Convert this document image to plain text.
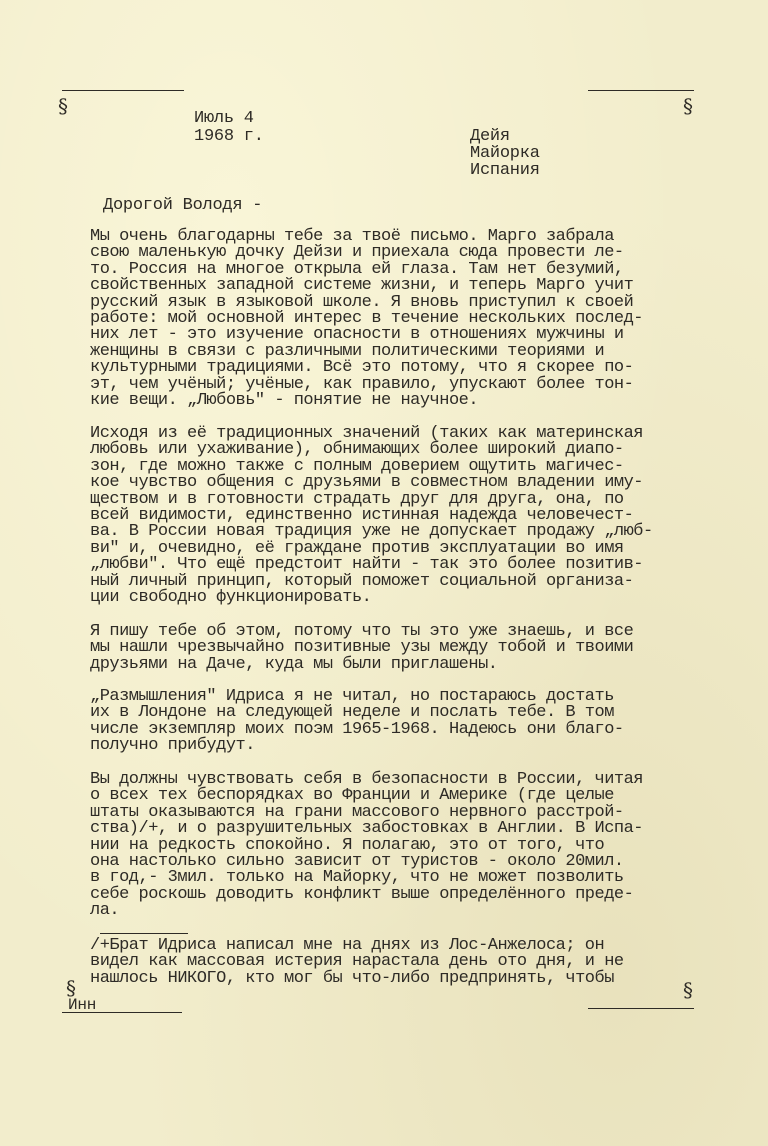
§	§
Июль 4
1968 г.	Дейя
Майорка
Испания
Дорогой Володя -
Мы очень благодарны тебе за твоё письмо. Марго забрала
свою маленькую дочку Дейзи и приехала сюда провести ле-
то. Россия на многое открыла ей глаза. Там нет безумий,
свойственных западной системе жизни, и теперь Марго учит
русский язык в языковой школе. Я вновь приступил к своей
работе: мой основной интерес в течение нескольких послед-
них лет - это изучение опасности в отношениях мужчины и
женщины в связи с различными политическими теориями и
культурными традициями. Всё это потому, что я скорее по-
эт, чем учёный; учёные, как правило, упускают более тон-
кие вещи. „Любовь" - понятие не научное.
Исходя из её традиционных значений (таких как материнская
любовь или ухаживание), обнимающих более широкий диапо-
зон, где можно также с полным доверием ощутить магичес-
кое чувство общения с друзьями в совместном владении иму-
ществом и в готовности страдать друг для друга, она, по
всей видимости, единственно истинная надежда человечест-
ва. В России новая традиция уже не допускает продажу „люб-
ви" и, очевидно, её граждане против эксплуатации во имя
„любви". Что ещё предстоит найти - так это более позитив-
ный личный принцип, который поможет социальной организа-
ции свободно функционировать.
Я пишу тебе об этом, потому что ты это уже знаешь, и все
мы нашли чрезвычайно позитивные узы между тобой и твоими
друзьями на Даче, куда мы были приглашены.
„Размышления" Идриса я не читал, но постараюсь достать
их в Лондоне на следующей неделе и послать тебе. В том
числе экземпляр моих поэм 1965-1968. Надеюсь они благо-
получно прибудут.
Вы должны чувствовать себя в безопасности в России, читая
о всех тех беспорядках во Франции и Америке (где целые
штаты оказываются на грани массового нервного расстрой-
ства)/+, и о разрушительных забостовках в Англии. В Испа-
нии на редкость спокойно. Я полагаю, это от того, что
она настолько сильно зависит от туристов - около 20мил.
в год,- 3мил. только на Майорку, что не может позволить
себе роскошь доводить конфликт выше определённого преде-
ла.
/+Брат Идриса написал мне на днях из Лос-Анжелоса; он
видел как массовая истерия нарастала день ото дня, и не
нашлось НИКОГО, кто мог бы что-либо предпринять, чтобы
§	§
Инн
